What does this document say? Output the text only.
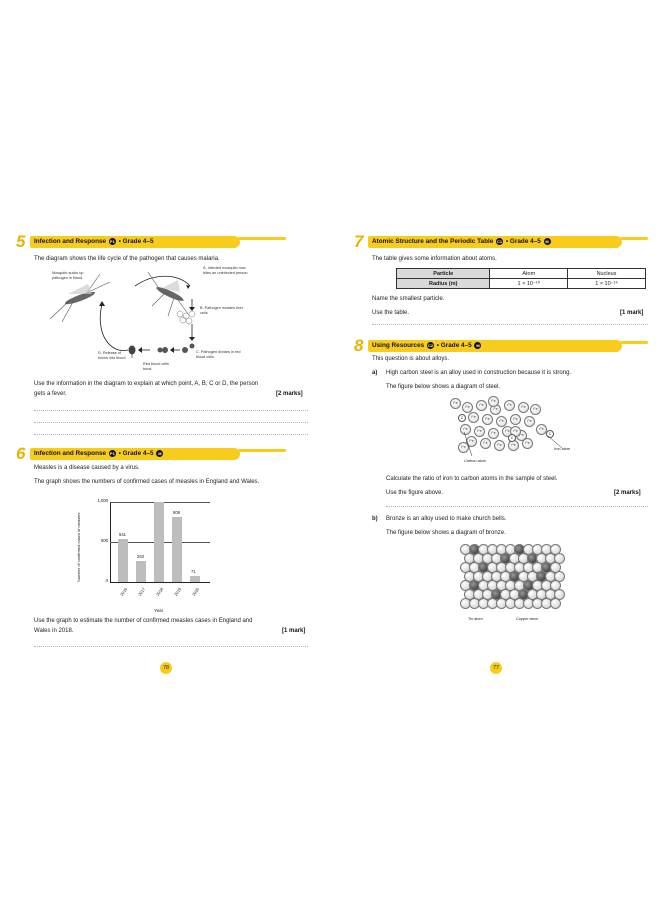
5 Infection and Response P1 • Grade 4–5
The diagram shows the life cycle of the pathogen that causes malaria.
Mosquito sucks up pathogen in blood
A. Infected mosquito now bites an uninfected person
B. Pathogen invades liver cells
C. Pathogen divides in red blood cells
D. Release of toxins into blood
Red blood cells burst
Use the information in the diagram to explain at which point, A, B, C or D, the person
gets a fever.	[2 marks]
6 Infection and Response P1 • Grade 4–5 M
Measles is a disease caused by a virus.
The graph shows the numbers of confirmed cases of measles in England and Wales.
1,000
500
0
Number of confirmed cases of measles
Year
541
2016
263
2017 2018
808
2019
71
2020
Use the graph to estimate the number of confirmed measles cases in England and
Wales in 2018.	[1 mark]
78
7 Atomic Structure and the Periodic Table C1 • Grade 4–5 M
The table gives some information about atoms.
Particle	Atom	Nucleus
Radius (m)	1 × 10⁻¹⁰	1 × 10⁻¹⁴
Name the smallest particle.
Use the table.	[1 mark]
8 Using Resources C2 • Grade 4–5 M
This question is about alloys.
a) High carbon steel is an alloy used in construction because it is strong.
The figure below shows a diagram of steel.
Fe
Fe	Fe
Fe
Fe	Fe	Fe
Fe	Fe	Fe	Fe	Fe
Fe	Fe	Fe	Fe
Fe
Fe
Fe	Fe	Fe	Fe	Fe
Fe
Fe
Fe
C
C
C
Carbon atom
Iron atom
Calculate the ratio of iron to carbon atoms in the sample of steel.
Use the figure above.	[2 marks]
b) Bronze is an alloy used to make church bells.
The figure below shows a diagram of bronze.
Tin atom	Copper atom
77
